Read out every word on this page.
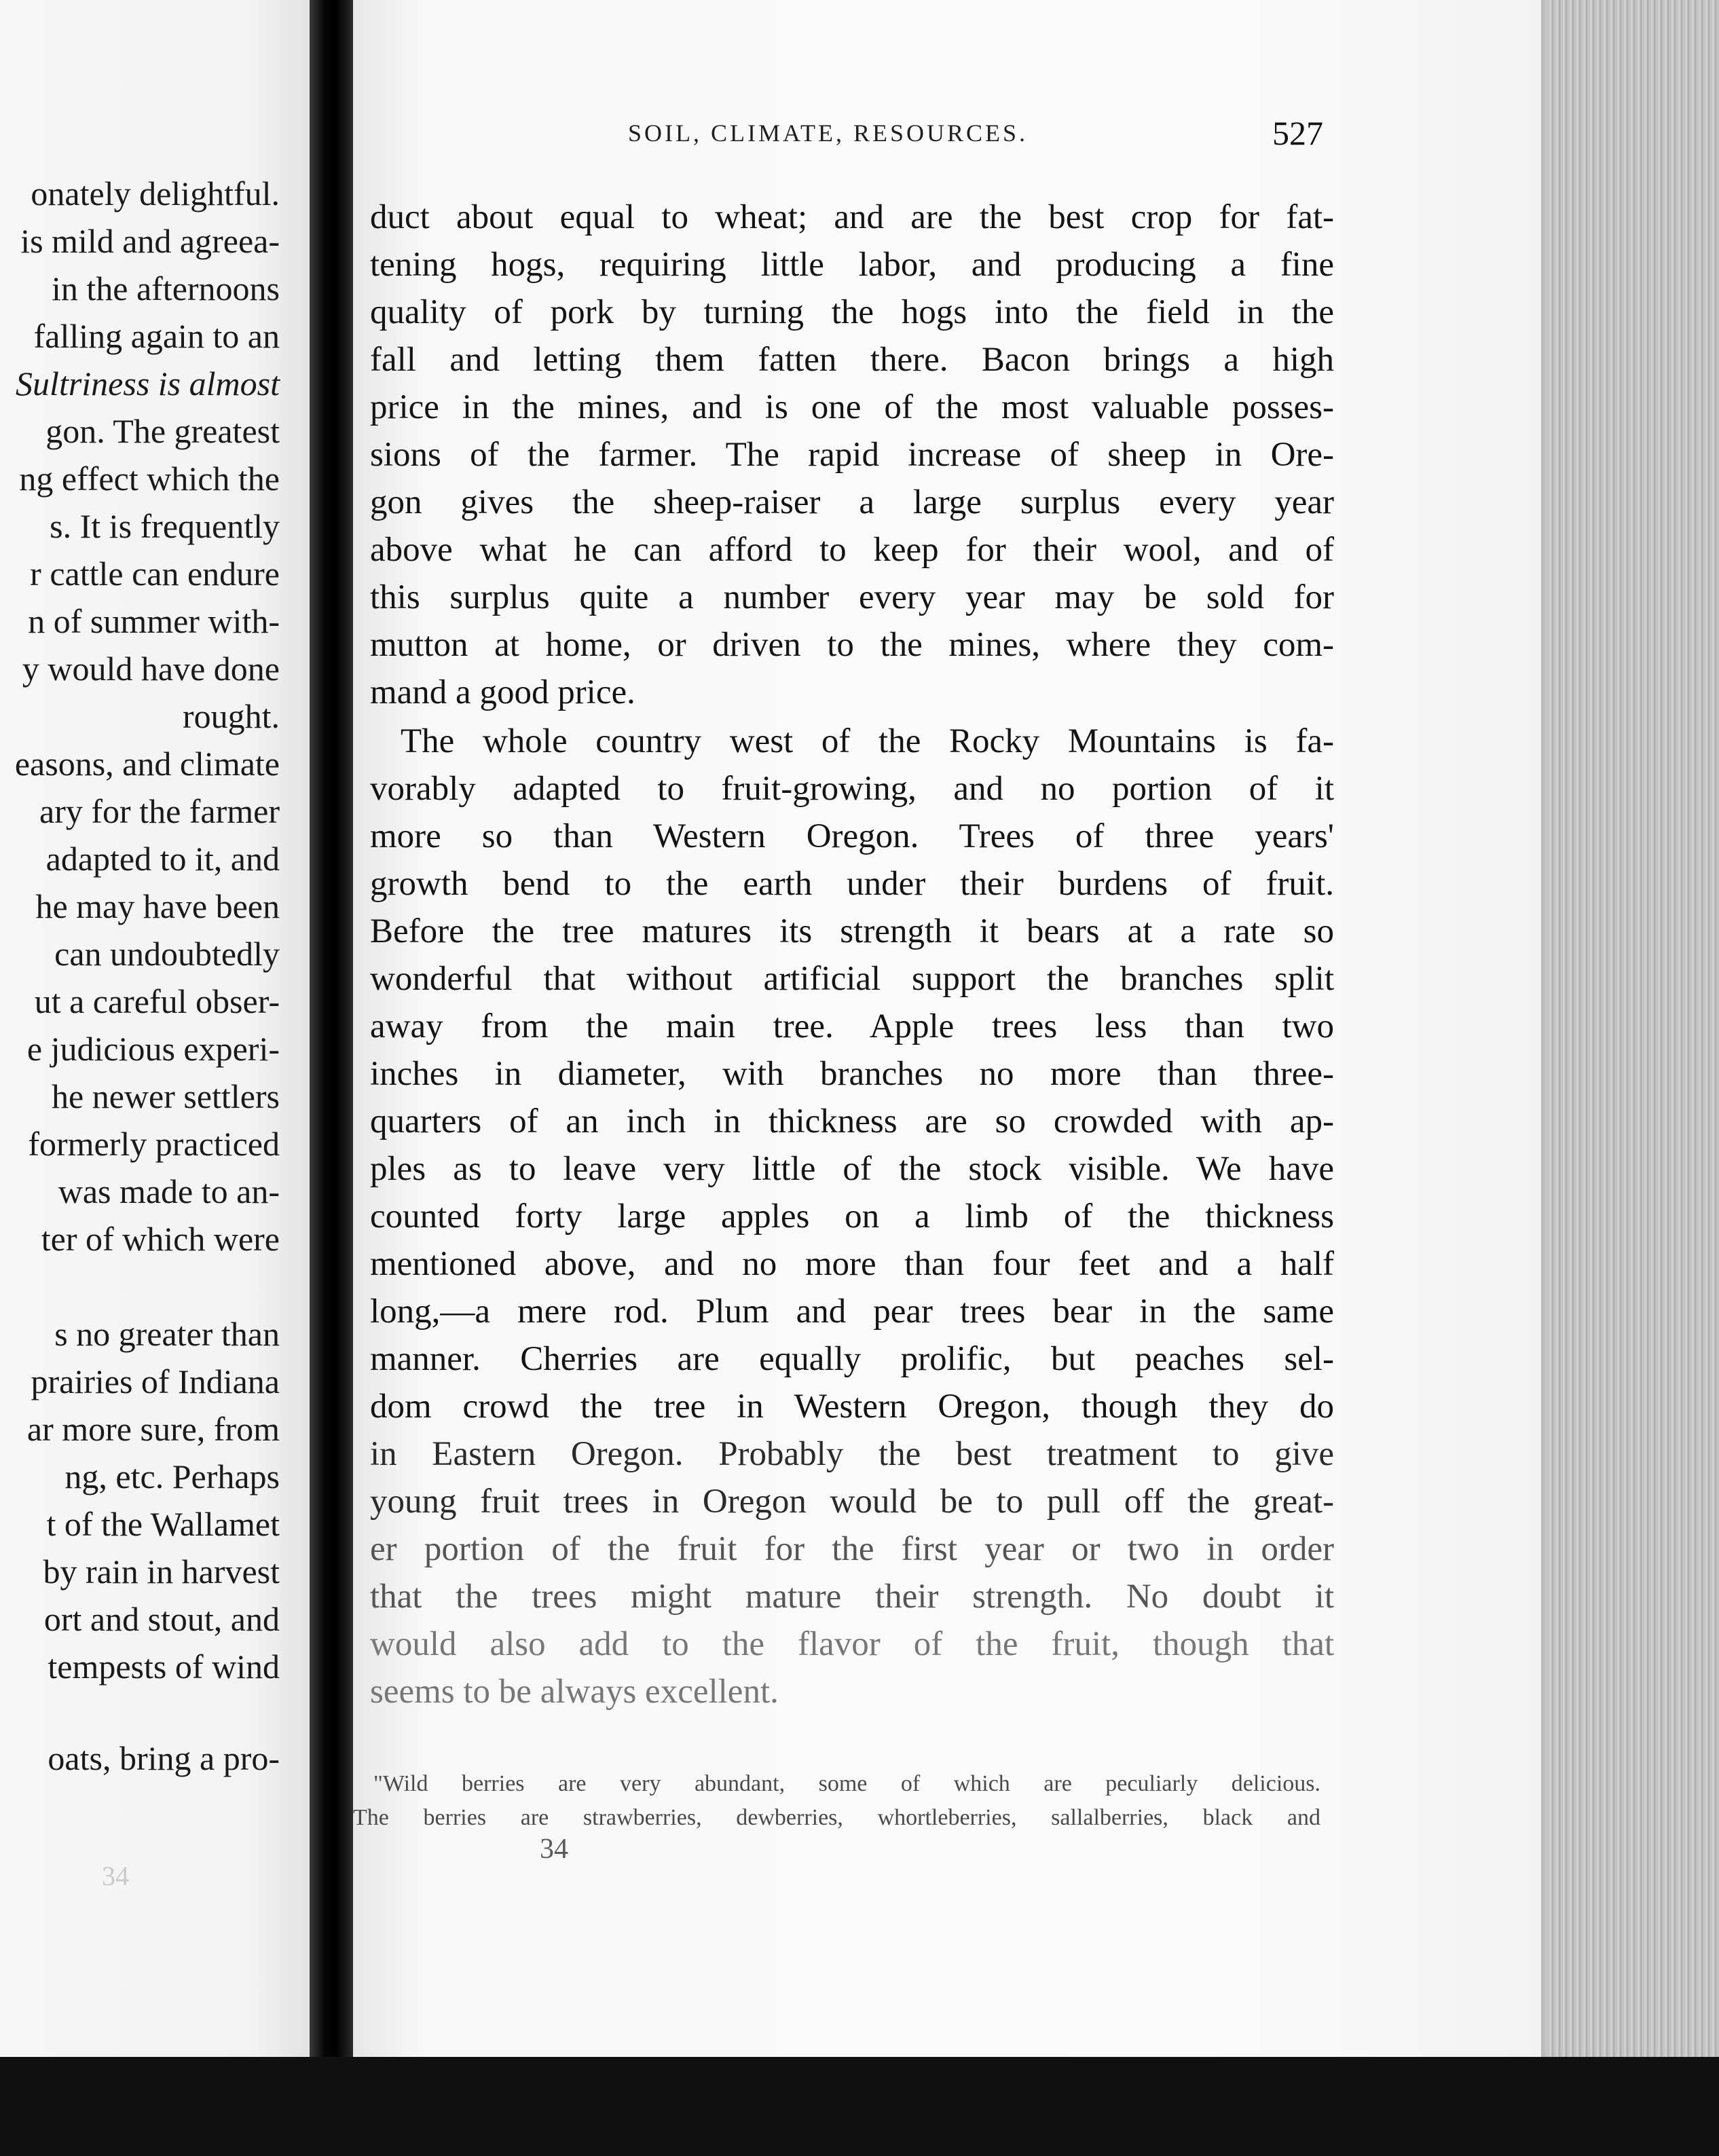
onately delightful.
is mild and agreea-
in the afternoons
falling again to an
Sultriness is almost
gon. The greatest
ng effect which the
s. It is frequently
r cattle can endure
n of summer with-
y would have done
rought.
easons, and climate
ary for the farmer
adapted to it, and
he may have been
can undoubtedly
ut a careful obser-
e judicious experi-
he newer settlers
formerly practiced
was made to an-
ter of which were
s no greater than
prairies of Indiana
ar more sure, from
ng, etc. Perhaps
t of the Wallamet
by rain in harvest
ort and stout, and
tempests of wind
oats, bring a pro-
34
SOIL, CLIMATE, RESOURCES.	527
duct about equal to wheat; and are the best crop for fat-
tening hogs, requiring little labor, and producing a fine
quality of pork by turning the hogs into the field in the
fall and letting them fatten there. Bacon brings a high
price in the mines, and is one of the most valuable posses-
sions of the farmer. The rapid increase of sheep in Ore-
gon gives the sheep-raiser a large surplus every year
above what he can afford to keep for their wool, and of
this surplus quite a number every year may be sold for
mutton at home, or driven to the mines, where they com-
mand a good price.
The whole country west of the Rocky Mountains is fa-
vorably adapted to fruit-growing, and no portion of it
more so than Western Oregon. Trees of three years'
growth bend to the earth under their burdens of fruit.
Before the tree matures its strength it bears at a rate so
wonderful that without artificial support the branches split
away from the main tree. Apple trees less than two
inches in diameter, with branches no more than three-
quarters of an inch in thickness are so crowded with ap-
ples as to leave very little of the stock visible. We have
counted forty large apples on a limb of the thickness
mentioned above, and no more than four feet and a half
long,—a mere rod. Plum and pear trees bear in the same
manner. Cherries are equally prolific, but peaches sel-
dom crowd the tree in Western Oregon, though they do
in Eastern Oregon. Probably the best treatment to give
young fruit trees in Oregon would be to pull off the great-
er portion of the fruit for the first year or two in order
that the trees might mature their strength. No doubt it
would also add to the flavor of the fruit, though that
seems to be always excellent.
"Wild berries are very abundant, some of which are peculiarly delicious.
The berries are strawberries, dewberries, whortleberries, sallalberries, black and
34
